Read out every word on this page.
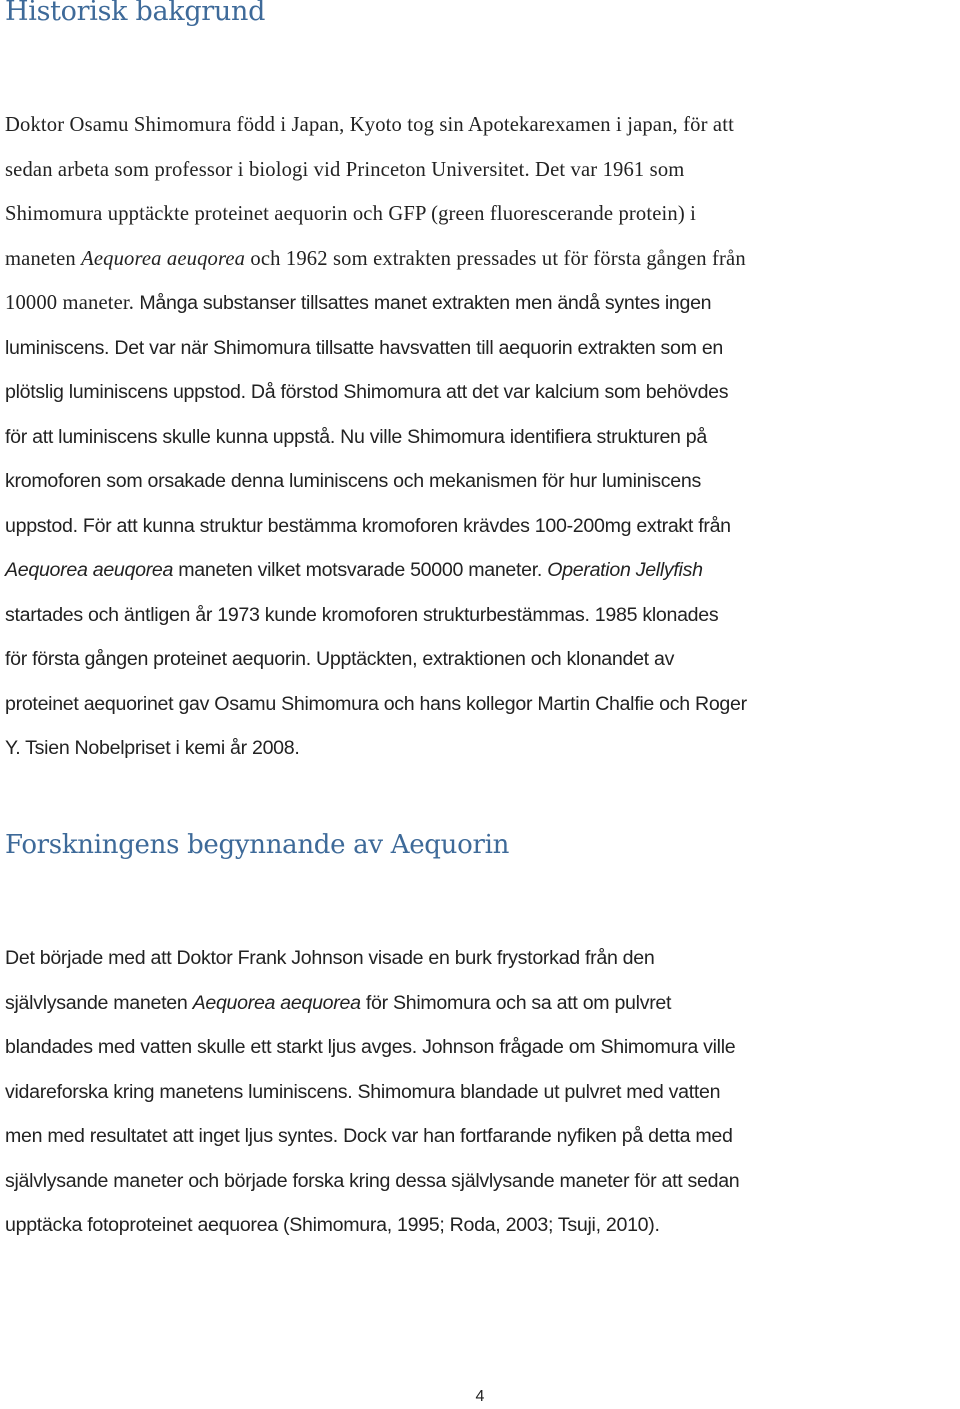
Historisk bakgrund
Doktor Osamu Shimomura född i Japan, Kyoto tog sin Apotekarexamen i japan, för att
sedan arbeta som professor i biologi vid Princeton Universitet. Det var 1961 som
Shimomura upptäckte proteinet aequorin och GFP (green fluorescerande protein) i
maneten Aequorea aeuqorea och 1962 som extrakten pressades ut för första gången från
10000 maneter. Många substanser tillsattes manet extrakten men ändå syntes ingen
luminiscens. Det var när Shimomura tillsatte havsvatten till aequorin extrakten som en
plötslig luminiscens uppstod. Då förstod Shimomura att det var kalcium som behövdes
för att luminiscens skulle kunna uppstå. Nu ville Shimomura identifiera strukturen på
kromoforen som orsakade denna luminiscens och mekanismen för hur luminiscens
uppstod. För att kunna struktur bestämma kromoforen krävdes 100-200mg extrakt från
Aequorea aeuqorea maneten vilket motsvarade 50000 maneter. Operation Jellyfish
startades och äntligen år 1973 kunde kromoforen strukturbestämmas. 1985 klonades
för första gången proteinet aequorin. Upptäckten, extraktionen och klonandet av
proteinet aequorinet gav Osamu Shimomura och hans kollegor Martin Chalfie och Roger
Y. Tsien Nobelpriset i kemi år 2008.
Forskningens begynnande av Aequorin
Det började med att Doktor Frank Johnson visade en burk frystorkad från den
självlysande maneten Aequorea aequorea för Shimomura och sa att om pulvret
blandades med vatten skulle ett starkt ljus avges. Johnson frågade om Shimomura ville
vidareforska kring manetens luminiscens. Shimomura blandade ut pulvret med vatten
men med resultatet att inget ljus syntes. Dock var han fortfarande nyfiken på detta med
självlysande maneter och började forska kring dessa självlysande maneter för att sedan
upptäcka fotoproteinet aequorea (Shimomura, 1995; Roda, 2003; Tsuji, 2010).
4
